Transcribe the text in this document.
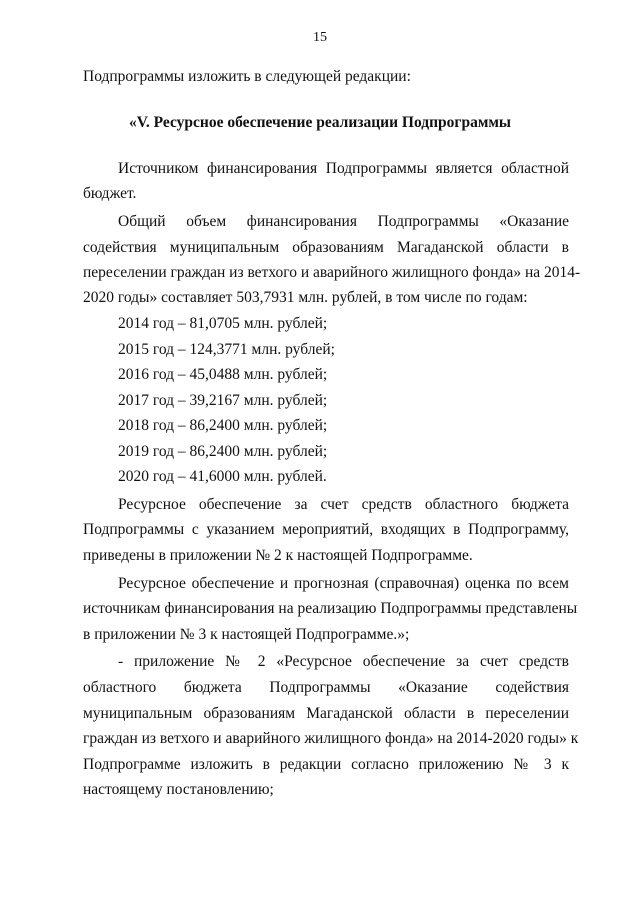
15
Подпрограммы изложить в следующей редакции:
«V. Ресурсное обеспечение реализации Подпрограммы
Источником финансирования Подпрограммы является областной
бюджет.
Общий объем финансирования Подпрограммы «Оказание
содействия муниципальным образованиям Магаданской области в
переселении граждан из ветхого и аварийного жилищного фонда» на 2014-
2020 годы» составляет 503,7931 млн. рублей, в том числе по годам:
2014 год – 81,0705 млн. рублей;
2015 год – 124,3771 млн. рублей;
2016 год – 45,0488 млн. рублей;
2017 год – 39,2167 млн. рублей;
2018 год – 86,2400 млн. рублей;
2019 год – 86,2400 млн. рублей;
2020 год – 41,6000 млн. рублей.
Ресурсное обеспечение за счет средств областного бюджета
Подпрограммы с указанием мероприятий, входящих в Подпрограмму,
приведены в приложении № 2 к настоящей Подпрограмме.
Ресурсное обеспечение и прогнозная (справочная) оценка по всем
источникам финансирования на реализацию Подпрограммы представлены
в приложении № 3 к настоящей Подпрограмме.»;
- приложение № 2 «Ресурсное обеспечение за счет средств
областного бюджета Подпрограммы «Оказание содействия
муниципальным образованиям Магаданской области в переселении
граждан из ветхого и аварийного жилищного фонда» на 2014-2020 годы» к
Подпрограмме изложить в редакции согласно приложению № 3 к
настоящему постановлению;
